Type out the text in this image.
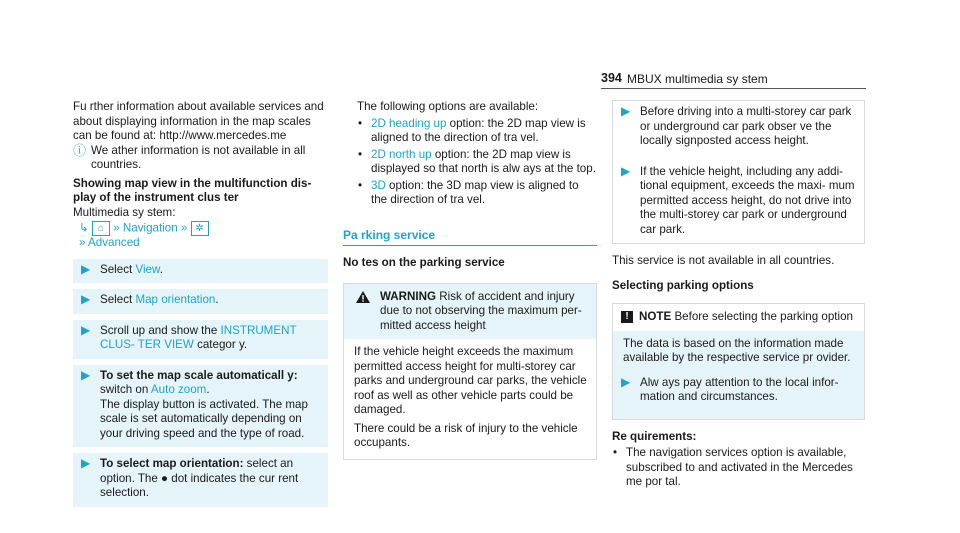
394 MBUX multimedia sy stem

Fu rther information about available services and about displaying information in the map scales can be found at: http://www.mercedes.me

ⓘ We ather information is not available in all countries.

Showing map view in the multifunction dis‐ play of the instrument clus ter

Multimedia sy stem:

↳ ⌂ » Navigation » ✲
» Advanced
▶ Select View.
▶ Select Map orientation.
▶ Scroll up and show the INSTRUMENT CLUS‐ TER VIEW categor y.
▶ To set the map scale automaticall y: switch on Auto zoom.

The display button is activated. The map scale is set automatically depending on your driving speed and the type of road.

▶ To select map orientation: select an option. The ● dot indicates the cur rent selection.

The following options are available:

• 2D heading up option: the 2D map view is aligned to the direction of tra vel.
• 2D north up option: the 2D map view is displayed so that north is alw ays at the top.
• 3D option: the 3D map view is aligned to the direction of tra vel.
Pa rking service

No tes on the parking service

WARNING Risk of accident and injury due to not observing the maximum per‐ mitted access height

If the vehicle height exceeds the maximum permitted access height for multi-storey car parks and underground car parks, the vehicle roof as well as other vehicle parts could be damaged.

There could be a risk of injury to the vehicle occupants.

▶ Before driving into a multi-storey car park or underground car park obser ve the locally signposted access height.
▶ If the vehicle height, including any addi‐ tional equipment, exceeds the maxi‐ mum permitted access height, do not drive into the multi-storey car park or underground car park.

This service is not available in all countries.

Selecting parking options

! NOTE Before selecting the parking option

The data is based on the information made available by the respective service pr ovider.

▶ Alw ays pay attention to the local infor‐ mation and circumstances.

Re quirements:

• The navigation services option is available, subscribed to and activated in the Mercedes me por tal.
